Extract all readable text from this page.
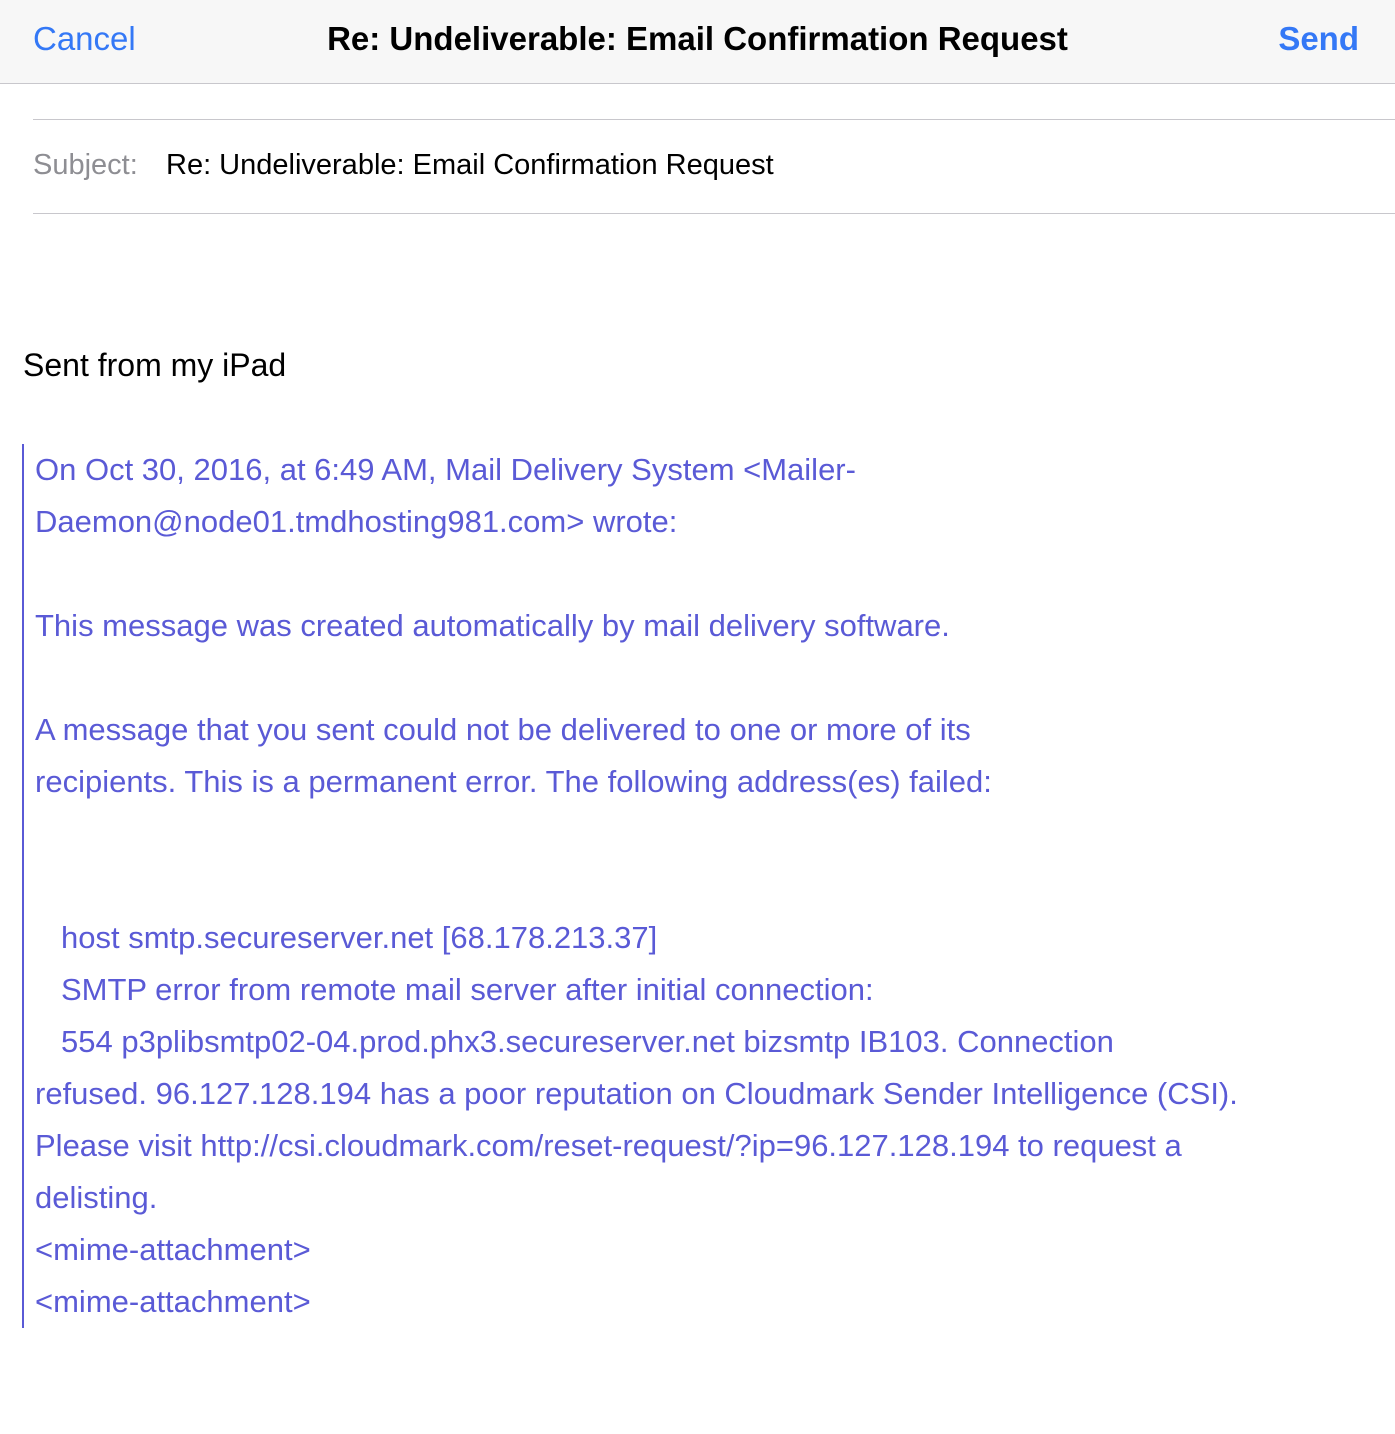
Cancel	Re: Undeliverable: Email Confirmation Request	Send
Subject: Re: Undeliverable: Email Confirmation Request
Sent from my iPad

On Oct 30, 2016, at 6:49 AM, Mail Delivery System <Mailer-

Daemon@node01.tmdhosting981.com> wrote:

This message was created automatically by mail delivery software.

A message that you sent could not be delivered to one or more of its

recipients. This is a permanent error. The following address(es) failed:

host smtp.secureserver.net [68.178.213.37]

SMTP error from remote mail server after initial connection:

554 p3plibsmtp02-04.prod.phx3.secureserver.net bizsmtp IB103. Connection

refused. 96.127.128.194 has a poor reputation on Cloudmark Sender Intelligence (CSI).

Please visit http://csi.cloudmark.com/reset-request/?ip=96.127.128.194 to request a

delisting.

<mime-attachment>

<mime-attachment>
